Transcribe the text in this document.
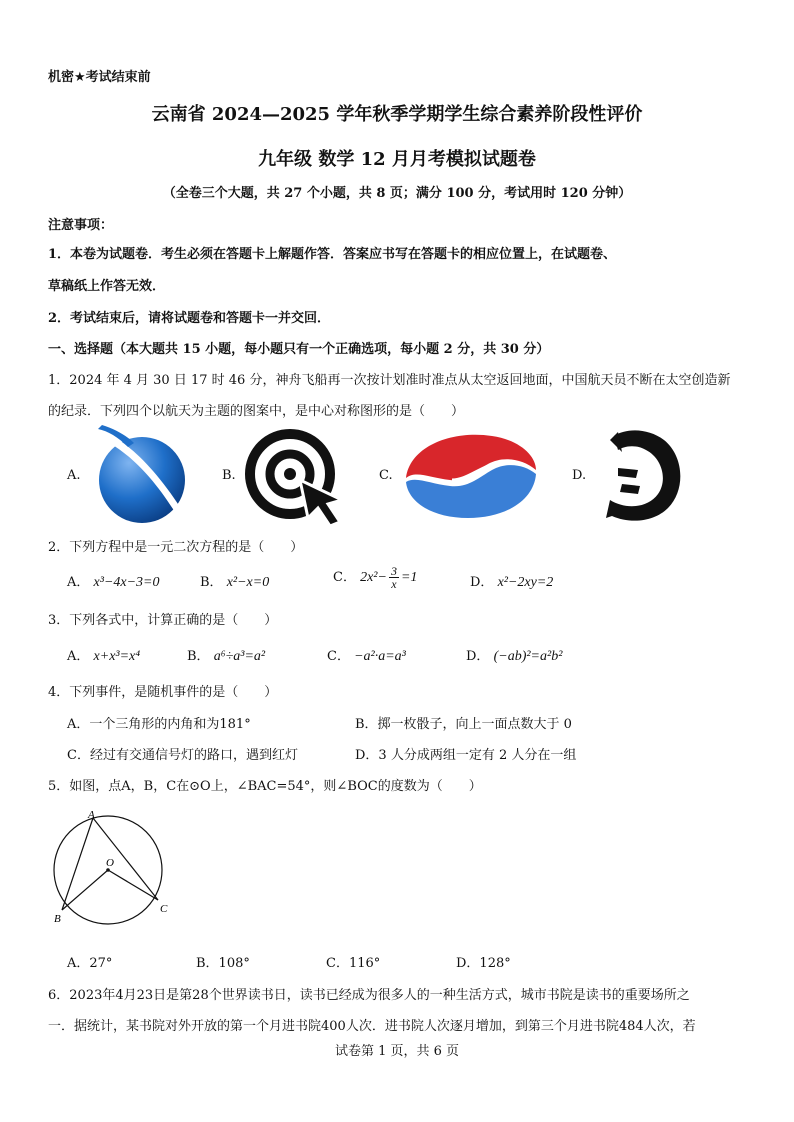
机密★考试结束前
云南省 2024—2025 学年秋季学期学生综合素养阶段性评价
九年级 数学 12 月月考模拟试题卷
（全卷三个大题，共 27 个小题，共 8 页；满分 100 分，考试用时 120 分钟）
注意事项：
1．本卷为试题卷．考生必须在答题卡上解题作答．答案应书写在答题卡的相应位置上，在试题卷、
草稿纸上作答无效．
2．考试结束后，请将试题卷和答题卡一并交回．
一、选择题（本大题共 15 小题，每小题只有一个正确选项，每小题 2 分，共 30 分）
1．2024 年 4 月 30 日 17 时 46 分，神舟飞船再一次按计划准时准点从太空返回地面，中国航天员不断在太空创造新
的纪录．下列四个以航天为主题的图案中，是中心对称图形的是（　　）
A.	B.	C.	D.
2．下列方程中是一元二次方程的是（　　）
A． x³−4x−3=0	B． x²−x=0	C． $2x^2- \frac{3}{x} =1$	D． x²−2xy=2
3．下列各式中，计算正确的是（　　）
A． x+x³=x⁴	B． a⁶÷a³=a²	C． −a²·a=a³	D． (−ab)²=a²b²
4．下列事件，是随机事件的是（　　）
A．一个三角形的内角和为181°	B．掷一枚骰子，向上一面点数大于 0
C．经过有交通信号灯的路口，遇到红灯	D．3 人分成两组一定有 2 人分在一组
5．如图，点A，B，C在⊙O上，∠BAC=54°，则∠BOC的度数为（　　）
A
O
B
C
A．27°	B．108°	C．116°	D．128°
6．2023年4月23日是第28个世界读书日，读书已经成为很多人的一种生活方式，城市书院是读书的重要场所之
一．据统计，某书院对外开放的第一个月进书院400人次．进书院人次逐月增加，到第三个月进书院484人次，若
试卷第 1 页，共 6 页
